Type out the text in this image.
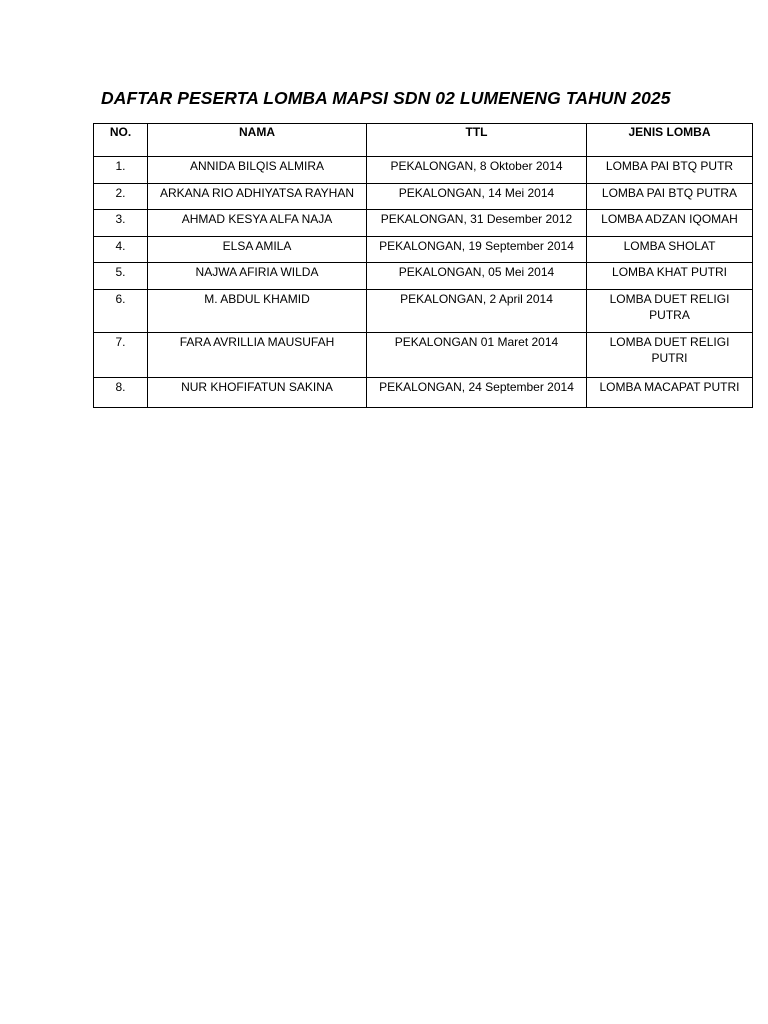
DAFTAR PESERTA LOMBA MAPSI SDN 02 LUMENENG TAHUN 2025
NO.	NAMA	TTL	JENIS LOMBA
1.	ANNIDA BILQIS ALMIRA	PEKALONGAN, 8 Oktober 2014	LOMBA PAI BTQ PUTR
2.	ARKANA RIO ADHIYATSA RAYHAN	PEKALONGAN, 14 Mei 2014	LOMBA PAI BTQ PUTRA
3.	AHMAD KESYA ALFA NAJA	PEKALONGAN, 31 Desember 2012	LOMBA ADZAN IQOMAH
4.	ELSA AMILA	PEKALONGAN, 19 September 2014	LOMBA SHOLAT
5.	NAJWA AFIRIA WILDA	PEKALONGAN, 05 Mei 2014	LOMBA KHAT PUTRI
6.	M. ABDUL KHAMID	PEKALONGAN, 2 April 2014	LOMBA DUET RELIGI PUTRA
7.	FARA AVRILLIA MAUSUFAH	PEKALONGAN 01 Maret 2014	LOMBA DUET RELIGI PUTRI
8.	NUR KHOFIFATUN SAKINA	PEKALONGAN, 24 September 2014	LOMBA MACAPAT PUTRI
